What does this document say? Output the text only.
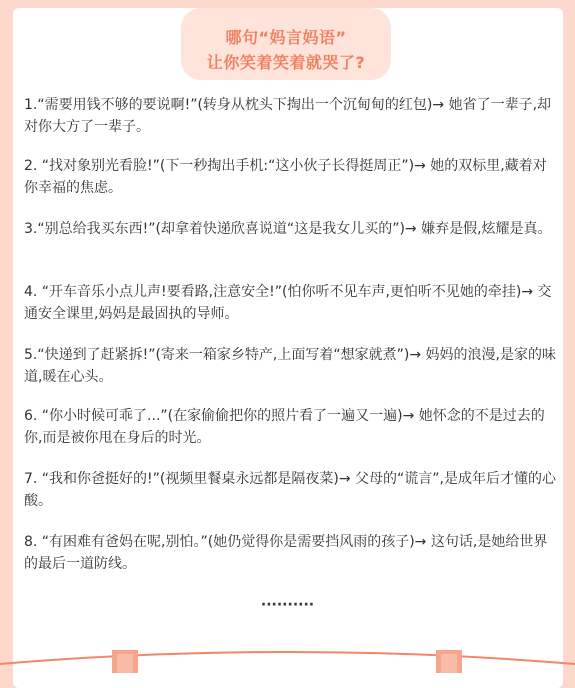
哪句“妈言妈语”
让你笑着笑着就哭了?
1.“需要用钱不够的要说啊!”(转身从枕头下掏出一个沉甸甸的红包)→ 她省了一辈子,却对你大方了一辈子。
2. “找对象别光看脸!”(下一秒掏出手机:“这小伙子长得挺周正”)→ 她的双标里,藏着对你幸福的焦虑。
3.“别总给我买东西!”(却拿着快递欣喜说道“这是我女儿买的”)→ 嫌弃是假,炫耀是真。
4. “开车音乐小点儿声!要看路,注意安全!”(怕你听不见车声,更怕听不见她的牵挂)→ 交通安全课里,妈妈是最固执的导师。
5.“快递到了赶紧拆!”(寄来一箱家乡特产,上面写着“想家就煮”)→ 妈妈的浪漫,是家的味道,暖在心头。
6. “你小时候可乖了...”(在家偷偷把你的照片看了一遍又一遍)→ 她怀念的不是过去的你,而是被你甩在身后的时光。
7. “我和你爸挺好的!”(视频里餐桌永远都是隔夜菜)→ 父母的“谎言”,是成年后才懂的心酸。
8. “有困难有爸妈在呢,别怕。”(她仍觉得你是需要挡风雨的孩子)→ 这句话,是她给世界的最后一道防线。
··········
